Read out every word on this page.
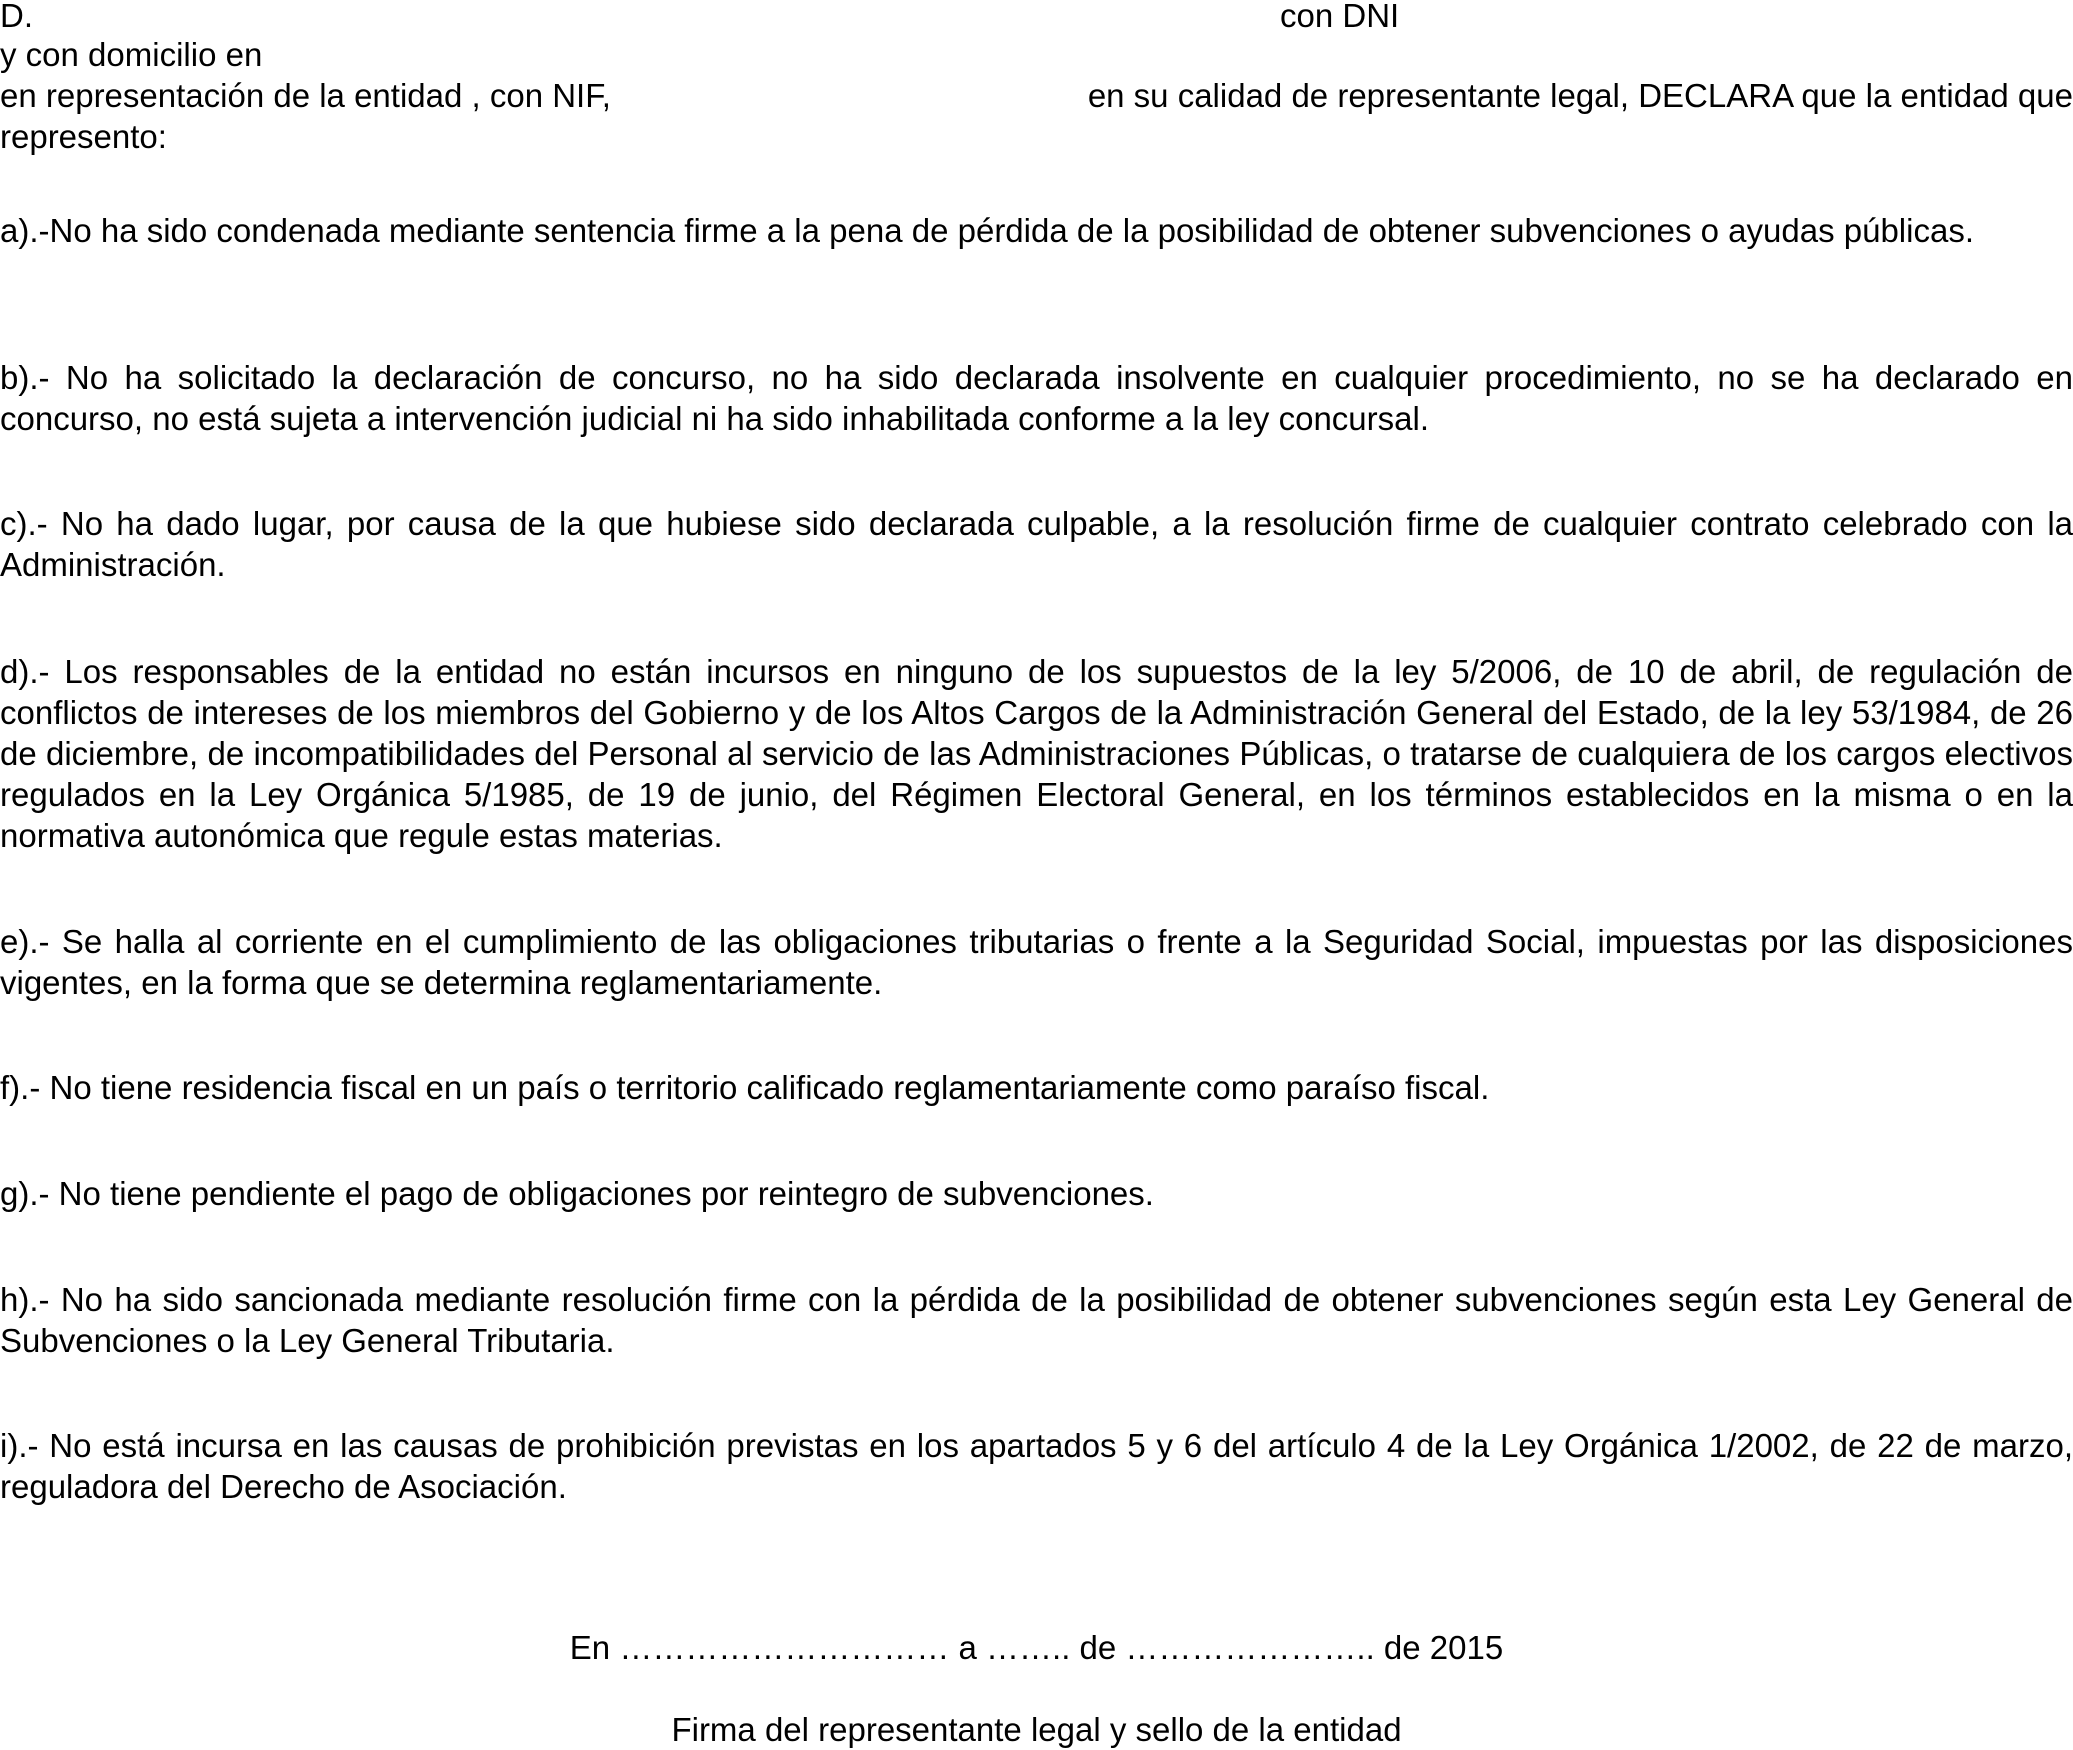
D.	con DNI
y con domicilio en
en representación de la entidad , con NIF,	en su calidad de representante legal, DECLARA que la entidad que
represento:
a).-No ha sido condenada mediante sentencia firme a la pena de pérdida de la posibilidad de obtener subvenciones o ayudas públicas.
b).- No ha solicitado la declaración de concurso, no ha sido declarada insolvente en cualquier procedimiento, no se ha declarado en concurso, no está sujeta a intervención judicial ni ha sido inhabilitada conforme a la ley concursal.
c).- No ha dado lugar, por causa de la que hubiese sido declarada culpable, a la resolución firme de cualquier contrato celebrado con la Administración.
d).- Los responsables de la entidad no están incursos en ninguno de los supuestos de la ley 5/2006, de 10 de abril, de regulación de conflictos de intereses de los miembros del Gobierno y de los Altos Cargos de la Administración General del Estado, de la ley 53/1984, de 26 de diciembre, de incompatibilidades del Personal al servicio de las Administraciones Públicas, o tratarse de cualquiera de los cargos electivos regulados en la Ley Orgánica 5/1985, de 19 de junio, del Régimen Electoral General, en los términos establecidos en la misma o en la normativa autonómica que regule estas materias.
e).- Se halla al corriente en el cumplimiento de las obligaciones tributarias o frente a la Seguridad Social, impuestas por las disposiciones vigentes, en la forma que se determina reglamentariamente.
f).- No tiene residencia fiscal en un país o territorio calificado reglamentariamente como paraíso fiscal.
g).- No tiene pendiente el pago de obligaciones por reintegro de subvenciones.
h).- No ha sido sancionada mediante resolución firme con la pérdida de la posibilidad de obtener subvenciones según esta Ley General de Subvenciones o la Ley General Tributaria.
i).- No está incursa en las causas de prohibición previstas en los apartados 5 y 6 del artículo 4 de la Ley Orgánica 1/2002, de 22 de marzo, reguladora del Derecho de Asociación.
En ………………………… a …….. de ………………….. de 2015
Firma del representante legal y sello de la entidad
